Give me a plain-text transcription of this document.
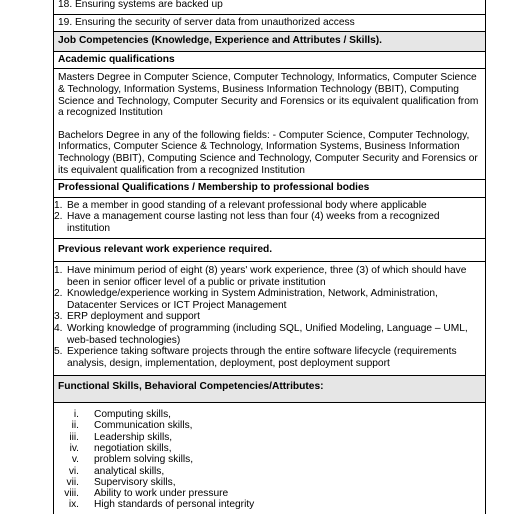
18. Ensuring systems are backed up
19. Ensuring the security of server data from unauthorized access
Job Competencies (Knowledge, Experience and Attributes / Skills).
Academic qualifications

Masters Degree in Computer Science, Computer Technology, Informatics, Computer Science & Technology, Information Systems, Business Information Technology (BBIT), Computing Science and Technology, Computer Security and Forensics or its equivalent qualification from a recognized Institution

Bachelors Degree in any of the following fields: - Computer Science, Computer Technology, Informatics, Computer Science & Technology, Information Systems, Business Information Technology (BBIT), Computing Science and Technology, Computer Security and Forensics or its equivalent qualification from a recognized Institution

Professional Qualifications / Membership to professional bodies
1. Be a member in good standing of a relevant professional body where applicable
2. Have a management course lasting not less than four (4) weeks from a recognized institution
Previous relevant work experience required.
1. Have minimum period of eight (8) years' work experience, three (3) of which should have been in senior officer level of a public or private institution
2. Knowledge/experience working in System Administration, Network, Administration, Datacenter Services or ICT Project Management
3. ERP deployment and support
4. Working knowledge of programming (including SQL, Unified Modeling, Language – UML, web-based technologies)
5. Experience taking software projects through the entire software lifecycle (requirements analysis, design, implementation, deployment, post deployment support
Functional Skills, Behavioral Competencies/Attributes:
i. Computing skills,
ii. Communication skills,
iii. Leadership skills,
iv. negotiation skills,
v. problem solving skills,
vi. analytical skills,
vii. Supervisory skills,
viii. Ability to work under pressure
ix. High standards of personal integrity
